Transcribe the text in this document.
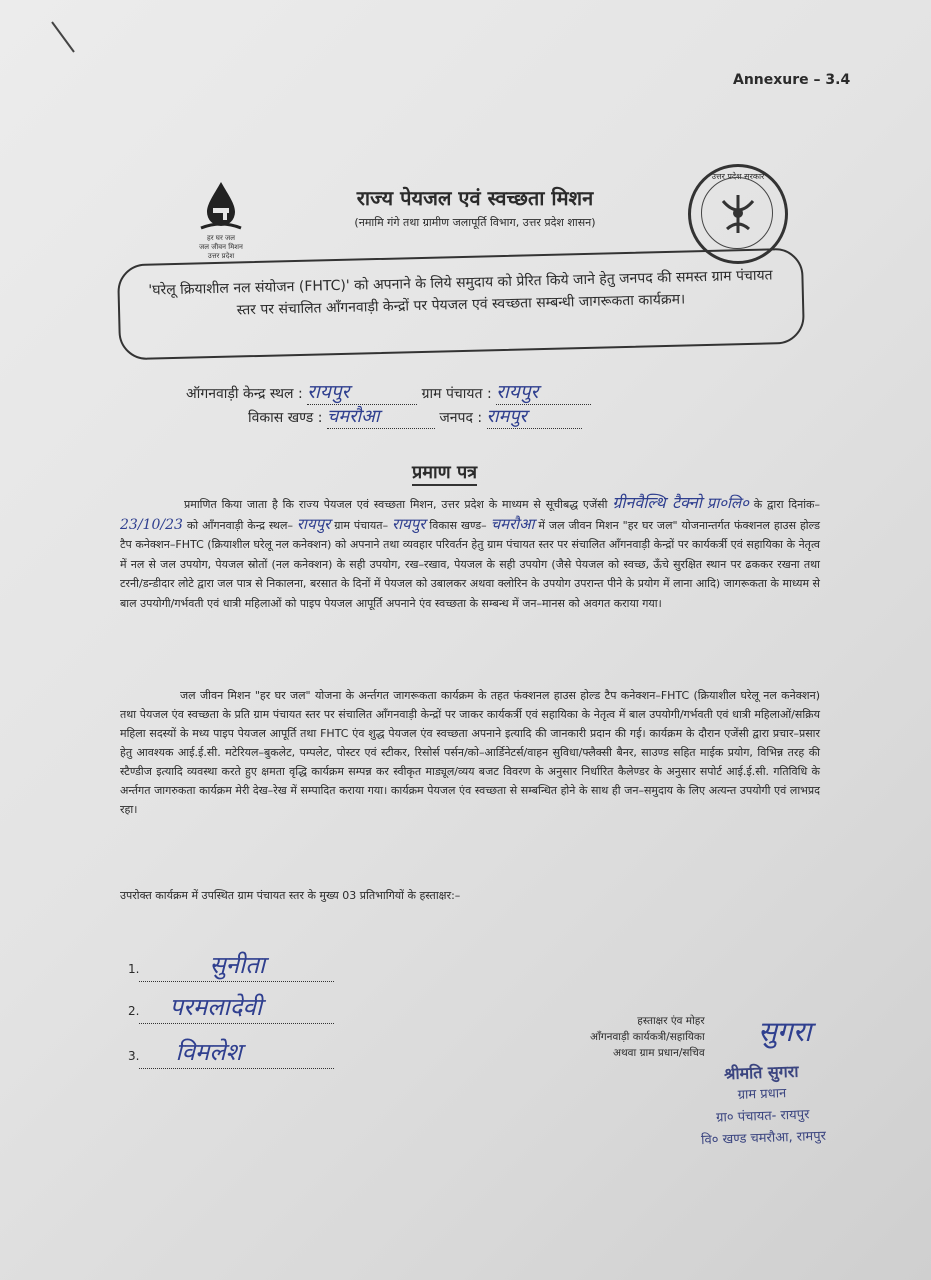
Annexure – 3.4
हर घर जल
जल जीवन मिशन
उत्तर प्रदेश
राज्य पेयजल एवं स्वच्छता मिशन
(नमामि गंगे तथा ग्रामीण जलापूर्ति विभाग, उत्तर प्रदेश शासन)
उत्तर प्रदेश सरकार
'घरेलू क्रियाशील नल संयोजन (FHTC)' को अपनाने के लिये समुदाय को प्रेरित किये जाने हेतु जनपद की समस्त ग्राम पंचायत स्तर पर संचालित आँगनवाड़ी केन्द्रों पर पेयजल एवं स्वच्छता सम्बन्धी जागरूकता कार्यक्रम।
ऑगनवाड़ी केन्द्र स्थल : रायपुर	ग्राम पंचायत : रायपुर
विकास खण्ड : चमरौआ	जनपद : रामपुर
प्रमाण पत्र
प्रमाणित किया जाता है कि राज्य पेयजल एवं स्वच्छता मिशन, उत्तर प्रदेश के माध्यम से सूचीबद्ध एजेंसी ग्रीनवैल्थि टैक्नो प्रा०लि० के द्वारा दिनांक– 23/10/23 को आँगनवाड़ी केन्द्र स्थल– रायपुर ग्राम पंचायत– रायपुर विकास खण्ड– चमरौआ में जल जीवन मिशन "हर घर जल" योजनान्तर्गत फंक्शनल हाउस होल्ड टैप कनेक्शन–FHTC (क्रियाशील घरेलू नल कनेक्शन) को अपनाने तथा व्यवहार परिवर्तन हेतु ग्राम पंचायत स्तर पर संचालित आँगनवाड़ी केन्द्रों पर कार्यकर्त्री एवं सहायिका के नेतृत्व में नल से जल उपयोग, पेयजल स्रोतों (नल कनेक्शन) के सही उपयोग, रख–रखाव, पेयजल के सही उपयोग (जैसे पेयजल को स्वच्छ, ऊँचे सुरक्षित स्थान पर ढककर रखना तथा टरनी/डन्डीदार लोटे द्वारा जल पात्र से निकालना, बरसात के दिनों में पेयजल को उबालकर अथवा क्लोरिन के उपयोग उपरान्त पीने के प्रयोग में लाना आदि) जागरूकता के माध्यम से बाल उपयोगी/गर्भवती एवं धात्री महिलाओं को पाइप पेयजल आपूर्ति अपनाने एंव स्वच्छता के सम्बन्ध में जन–मानस को अवगत कराया गया।
जल जीवन मिशन "हर घर जल" योजना के अर्न्तगत जागरूकता कार्यक्रम के तहत फंक्शनल हाउस होल्ड टैप कनेक्शन–FHTC (क्रियाशील घरेलू नल कनेक्शन) तथा पेयजल एंव स्वच्छता के प्रति ग्राम पंचायत स्तर पर संचालित आँगनवाड़ी केन्द्रों पर जाकर कार्यकर्त्री एवं सहायिका के नेतृत्व में बाल उपयोगी/गर्भवती एवं धात्री महिलाओं/सक्रिय महिला सदस्यों के मध्य पाइप पेयजल आपूर्ति तथा FHTC एंव शुद्ध पेयजल एंव स्वच्छता अपनाने इत्यादि की जानकारी प्रदान की गई। कार्यक्रम के दौरान एजेंसी द्वारा प्रचार–प्रसार हेतु आवश्यक आई.ई.सी. मटेरियल–बुकलेट, पम्पलेट, पोस्टर एवं स्टीकर, रिसोर्स पर्सन/को–आर्डिनेटर्स/वाहन सुविधा/फ्लैक्सी बैनर, साउण्ड सहित माईक प्रयोग, विभिन्न तरह की स्टैण्डीज इत्यादि व्यवस्था करते हुए क्षमता वृद्धि कार्यक्रम सम्पन्न कर स्वीकृत माड्यूल/व्यय बजट विवरण के अनुसार निर्धारित कैलेण्डर के अनुसार सपोर्ट आई.ई.सी. गतिविधि के अर्न्तगत जागरुकता कार्यक्रम मेरी देख–रेख में सम्पादित कराया गया। कार्यक्रम पेयजल एंव स्वच्छता से सम्बन्धित होने के साथ ही जन–समुदाय के लिए अत्यन्त उपयोगी एवं लाभप्रद रहा।
उपरोक्त कार्यक्रम में उपस्थित ग्राम पंचायत स्तर के मुख्य 03 प्रतिभागियों के हस्ताक्षर:–
1.	सुनीता
2. परमलादेवी
3. विमलेश
हस्ताक्षर एंव मोहर
आँगनवाड़ी कार्यकत्री/सहायिका
अथवा ग्राम प्रधान/सचिव
सुगरा
श्रीमति सुगरा
ग्राम प्रधान
ग्रा० पंचायत- रायपुर
वि० खण्ड चमरौआ, रामपुर
